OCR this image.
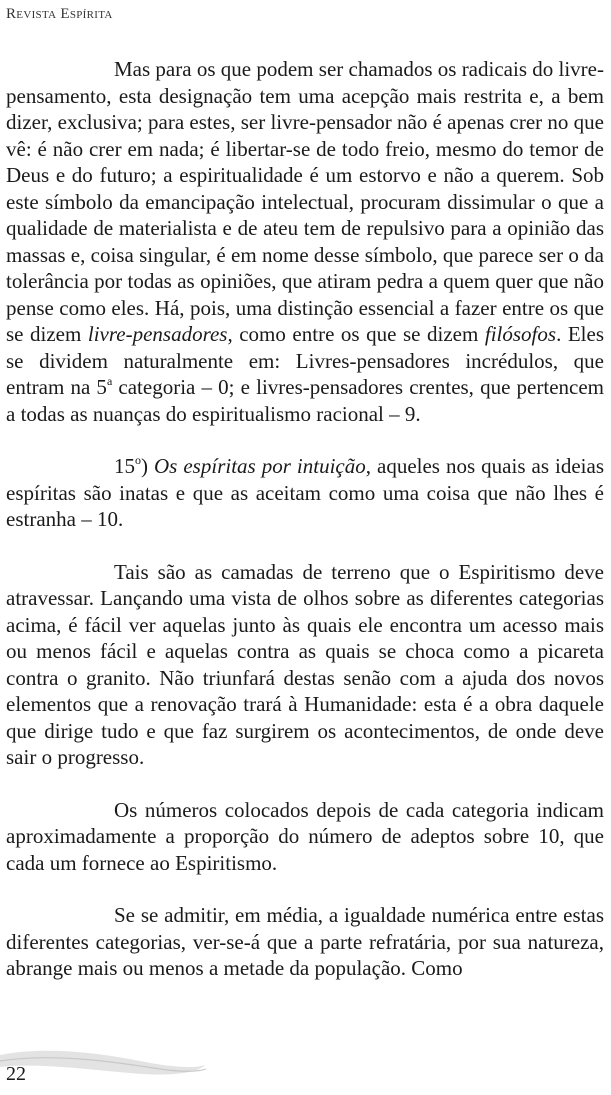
Revista Espírita

Mas para os que podem ser chamados os radicais do livre-pensamento, esta designação tem uma acepção mais restrita e, a bem dizer, exclusiva; para estes, ser livre-pensador não é apenas crer no que vê: é não crer em nada; é libertar-se de todo freio, mesmo do temor de Deus e do futuro; a espiritualidade é um estorvo e não a querem. Sob este símbolo da emancipação intelectual, procuram dissimular o que a qualidade de materialista e de ateu tem de repulsivo para a opinião das massas e, coisa singular, é em nome desse símbolo, que parece ser o da tolerância por todas as opiniões, que atiram pedra a quem quer que não pense como eles. Há, pois, uma distinção essencial a fazer entre os que se dizem livre-pensadores, como entre os que se dizem filósofos. Eles se dividem naturalmente em: Livres-pensadores incrédulos, que entram na 5$^a$ categoria – 0; e livres-pensadores crentes, que pertencem a todas as nuanças do espiritualismo racional – 9.

15$^o$) Os espíritas por intuição, aqueles nos quais as ideias espíritas são inatas e que as aceitam como uma coisa que não lhes é estranha – 10.

Tais são as camadas de terreno que o Espiritismo deve atravessar. Lançando uma vista de olhos sobre as diferentes categorias acima, é fácil ver aquelas junto às quais ele encontra um acesso mais ou menos fácil e aquelas contra as quais se choca como a picareta contra o granito. Não triunfará destas senão com a ajuda dos novos elementos que a renovação trará à Humanidade: esta é a obra daquele que dirige tudo e que faz surgirem os acontecimentos, de onde deve sair o progresso.

Os números colocados depois de cada categoria indicam aproximadamente a proporção do número de adeptos sobre 10, que cada um fornece ao Espiritismo.

Se se admitir, em média, a igualdade numérica entre estas diferentes categorias, ver-se-á que a parte refratária, por sua natureza, abrange mais ou menos a metade da população. Como

22
